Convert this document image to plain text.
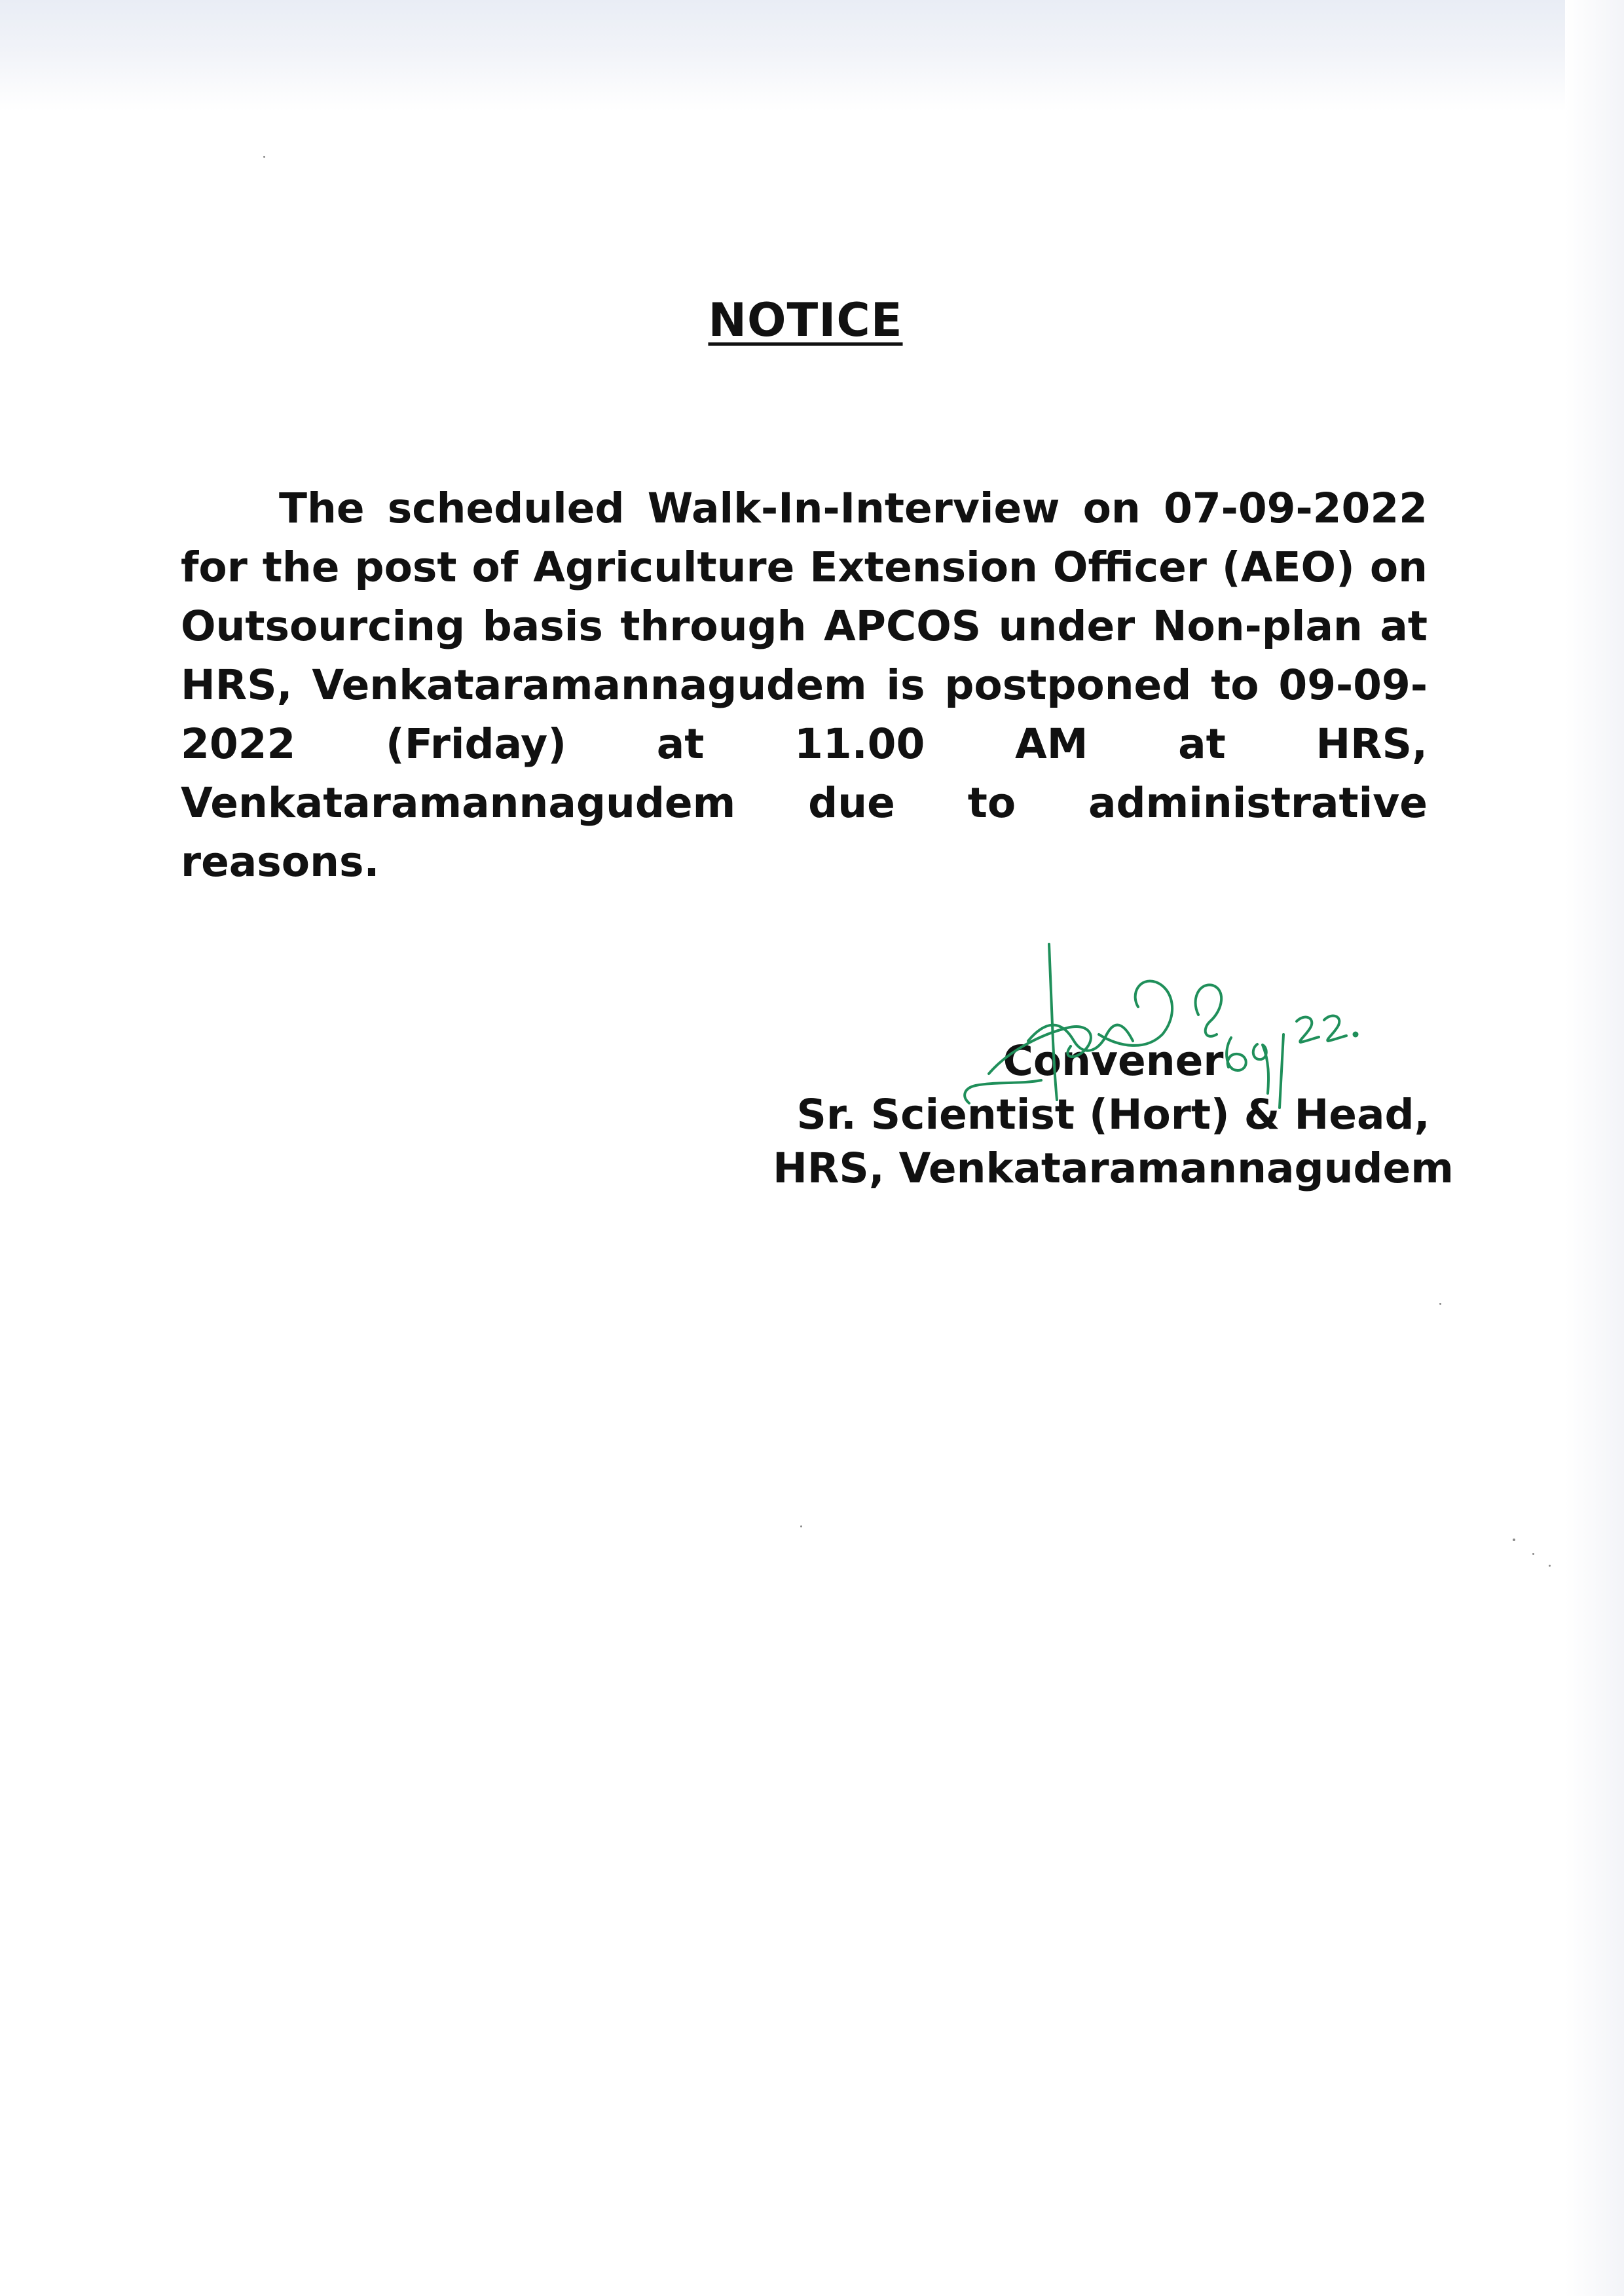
NOTICE

The scheduled Walk-In-Interview on 07-09-2022 for the post of Agriculture Extension Officer (AEO) on Outsourcing basis through APCOS under Non-plan at HRS, Venkataramannagudem is postponed to 09-09-2022 (Friday) at 11.00 AM at HRS, Venkataramannagudem due to administrative reasons.

Convener
Sr. Scientist (Hort) & Head,
HRS, Venkataramannagudem
